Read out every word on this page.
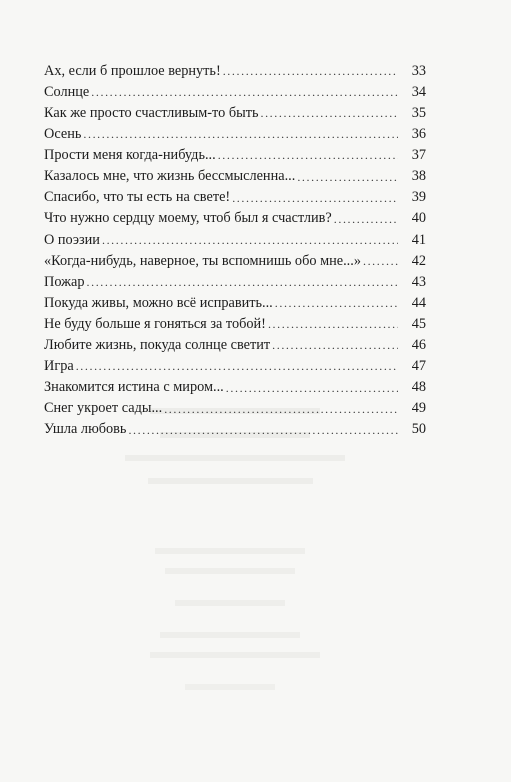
Ах, если б прошлое вернуть! .....	33
Солнце .....	34
Как же просто счастливым-то быть .....	35
Осень .....	36
Прости меня когда-нибудь... .....	37
Казалось мне, что жизнь бессмысленна... .....	38
Спасибо, что ты есть на свете! .....	39
Что нужно сердцу моему, чтоб был я счастлив? .....	40
О поэзии .....	41
«Когда-нибудь, наверное, ты вспомнишь обо мне...» .....	42
Пожар .....	43
Покуда живы, можно всё исправить... .....	44
Не буду больше я гоняться за тобой! .....	45
Любите жизнь, покуда солнце светит .....	46
Игра .....	47
Знакомится истина с миром... .....	48
Снег укроет сады... .....	49
Ушла любовь .....	50
